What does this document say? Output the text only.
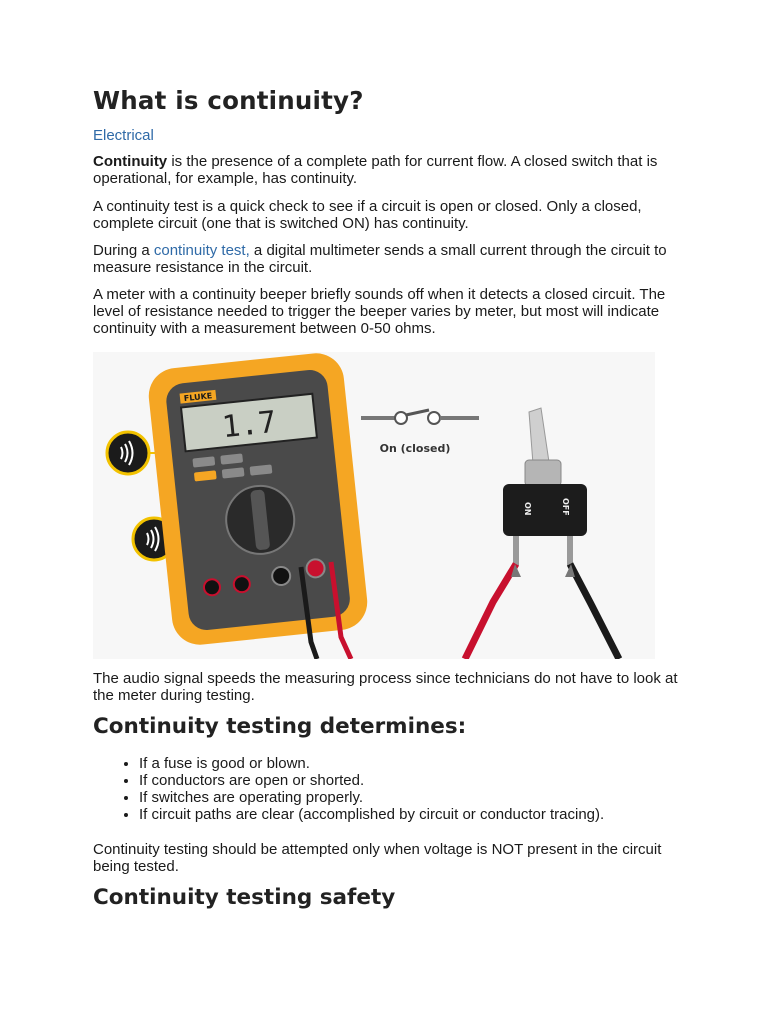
What is continuity?
Electrical

Continuity is the presence of a complete path for current flow. A closed switch that is operational, for example, has continuity.

A continuity test is a quick check to see if a circuit is open or closed. Only a closed, complete circuit (one that is switched ON) has continuity.

During a continuity test, a digital multimeter sends a small current through the circuit to measure resistance in the circuit.

A meter with a continuity beeper briefly sounds off when it detects a closed circuit. The level of resistance needed to trigger the beeper varies by meter, but most will indicate continuity with a measurement between 0-50 ohms.

The audio signal speeds the measuring process since technicians do not have to look at the meter during testing.

Continuity testing determines:
• If a fuse is good or blown.
• If conductors are open or shorted.
• If switches are operating properly.
• If circuit paths are clear (accomplished by circuit or conductor tracing).

Continuity testing should be attempted only when voltage is NOT present in the circuit being tested.

Continuity testing safety
FLUKE
1.7
On (closed)
ON	OFF
